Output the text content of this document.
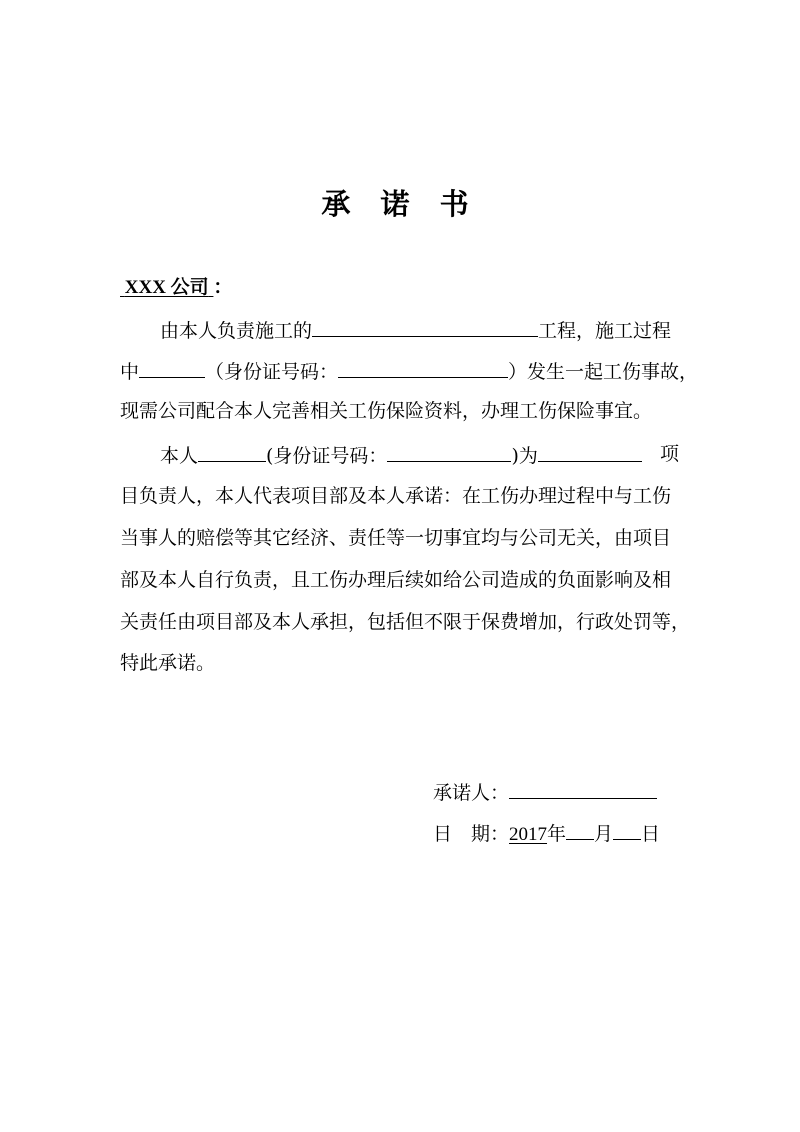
承 诺 书
XXX 公司 ：
由本人负责施工的	工程，施工过程
中	（身份证号码：	）发生一起工伤事故，
现需公司配合本人完善相关工伤保险资料，办理工伤保险事宜。
本人	(身份证号码：	)为	项
目负责人，本人代表项目部及本人承诺：在工伤办理过程中与工伤
当事人的赔偿等其它经济、责任等一切事宜均与公司无关，由项目
部及本人自行负责，且工伤办理后续如给公司造成的负面影响及相
关责任由项目部及本人承担，包括但不限于保费增加，行政处罚等，
特此承诺。
承诺人：
日　期：2017年 月 日
